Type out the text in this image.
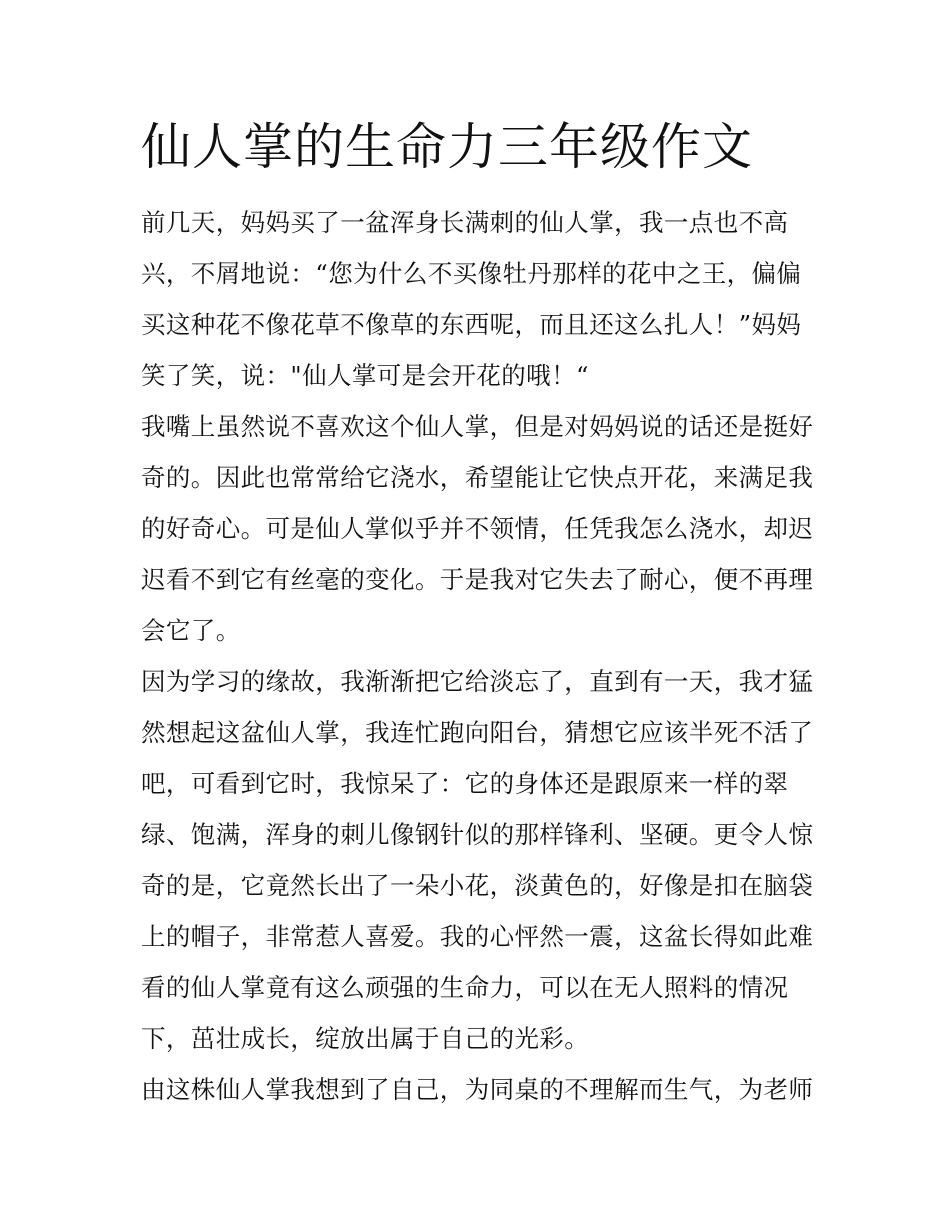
仙人掌的生命力三年级作文
前几天，妈妈买了一盆浑身长满刺的仙人掌，我一点也不高
兴，不屑地说：“您为什么不买像牡丹那样的花中之王，偏偏
买这种花不像花草不像草的东西呢，而且还这么扎人！”妈妈
笑了笑，说："仙人掌可是会开花的哦！“
我嘴上虽然说不喜欢这个仙人掌，但是对妈妈说的话还是挺好
奇的。因此也常常给它浇水，希望能让它快点开花，来满足我
的好奇心。可是仙人掌似乎并不领情，任凭我怎么浇水，却迟
迟看不到它有丝毫的变化。于是我对它失去了耐心，便不再理
会它了。
因为学习的缘故，我渐渐把它给淡忘了，直到有一天，我才猛
然想起这盆仙人掌，我连忙跑向阳台，猜想它应该半死不活了
吧，可看到它时，我惊呆了：它的身体还是跟原来一样的翠
绿、饱满，浑身的刺儿像钢针似的那样锋利、坚硬。更令人惊
奇的是，它竟然长出了一朵小花，淡黄色的，好像是扣在脑袋
上的帽子，非常惹人喜爱。我的心怦然一震，这盆长得如此难
看的仙人掌竟有这么顽强的生命力，可以在无人照料的情况
下，茁壮成长，绽放出属于自己的光彩。
由这株仙人掌我想到了自己，为同桌的不理解而生气，为老师
